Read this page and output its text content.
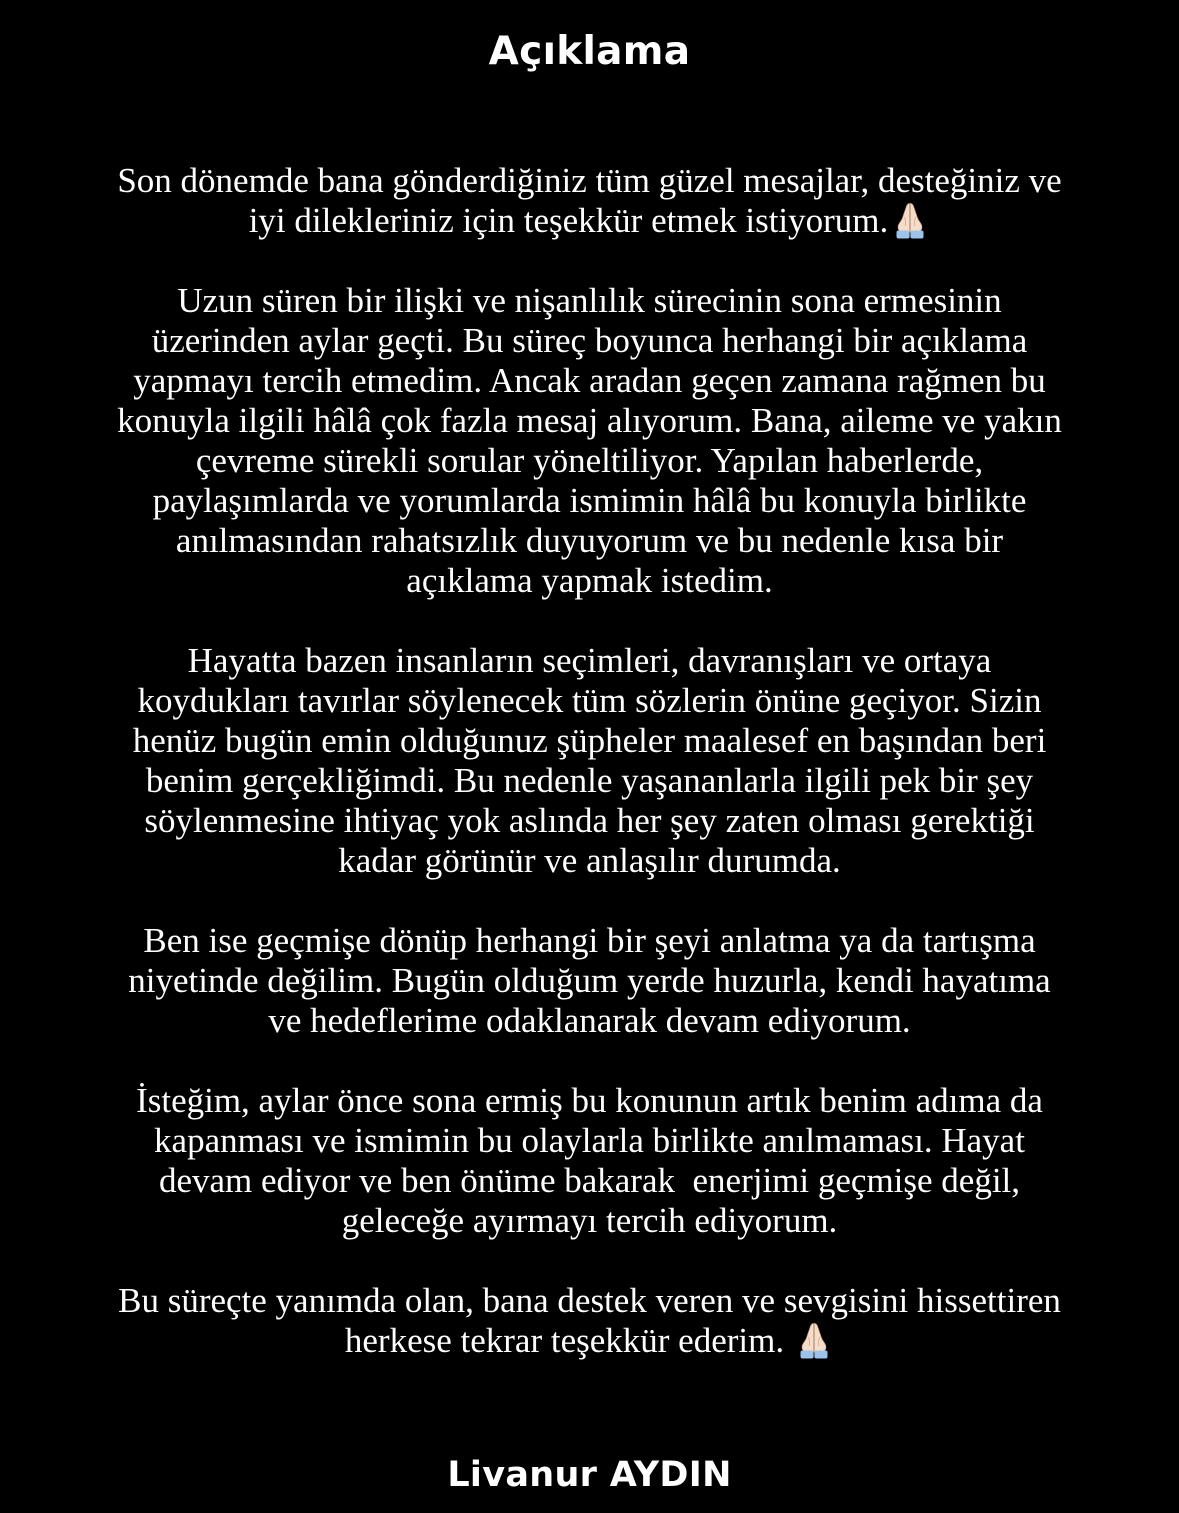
Açıklama
Son dönemde bana gönderdiğiniz tüm güzel mesajlar, desteğiniz ve
iyi dilekleriniz için teşekkür etmek istiyorum.
Uzun süren bir ilişki ve nişanlılık sürecinin sona ermesinin
üzerinden aylar geçti. Bu süreç boyunca herhangi bir açıklama
yapmayı tercih etmedim. Ancak aradan geçen zamana rağmen bu
konuyla ilgili hâlâ çok fazla mesaj alıyorum. Bana, aileme ve yakın
çevreme sürekli sorular yöneltiliyor. Yapılan haberlerde,
paylaşımlarda ve yorumlarda ismimin hâlâ bu konuyla birlikte
anılmasından rahatsızlık duyuyorum ve bu nedenle kısa bir
açıklama yapmak istedim.
Hayatta bazen insanların seçimleri, davranışları ve ortaya
koydukları tavırlar söylenecek tüm sözlerin önüne geçiyor. Sizin
henüz bugün emin olduğunuz şüpheler maalesef en başından beri
benim gerçekliğimdi. Bu nedenle yaşananlarla ilgili pek bir şey
söylenmesine ihtiyaç yok aslında her şey zaten olması gerektiği
kadar görünür ve anlaşılır durumda.
Ben ise geçmişe dönüp herhangi bir şeyi anlatma ya da tartışma
niyetinde değilim. Bugün olduğum yerde huzurla, kendi hayatıma
ve hedeflerime odaklanarak devam ediyorum.
İsteğim, aylar önce sona ermiş bu konunun artık benim adıma da
kapanması ve ismimin bu olaylarla birlikte anılmaması. Hayat
devam ediyor ve ben önüme bakarak  enerjimi geçmişe değil,
geleceğe ayırmayı tercih ediyorum.
Bu süreçte yanımda olan, bana destek veren ve sevgisini hissettiren
herkese tekrar teşekkür ederim.
Livanur AYDIN
